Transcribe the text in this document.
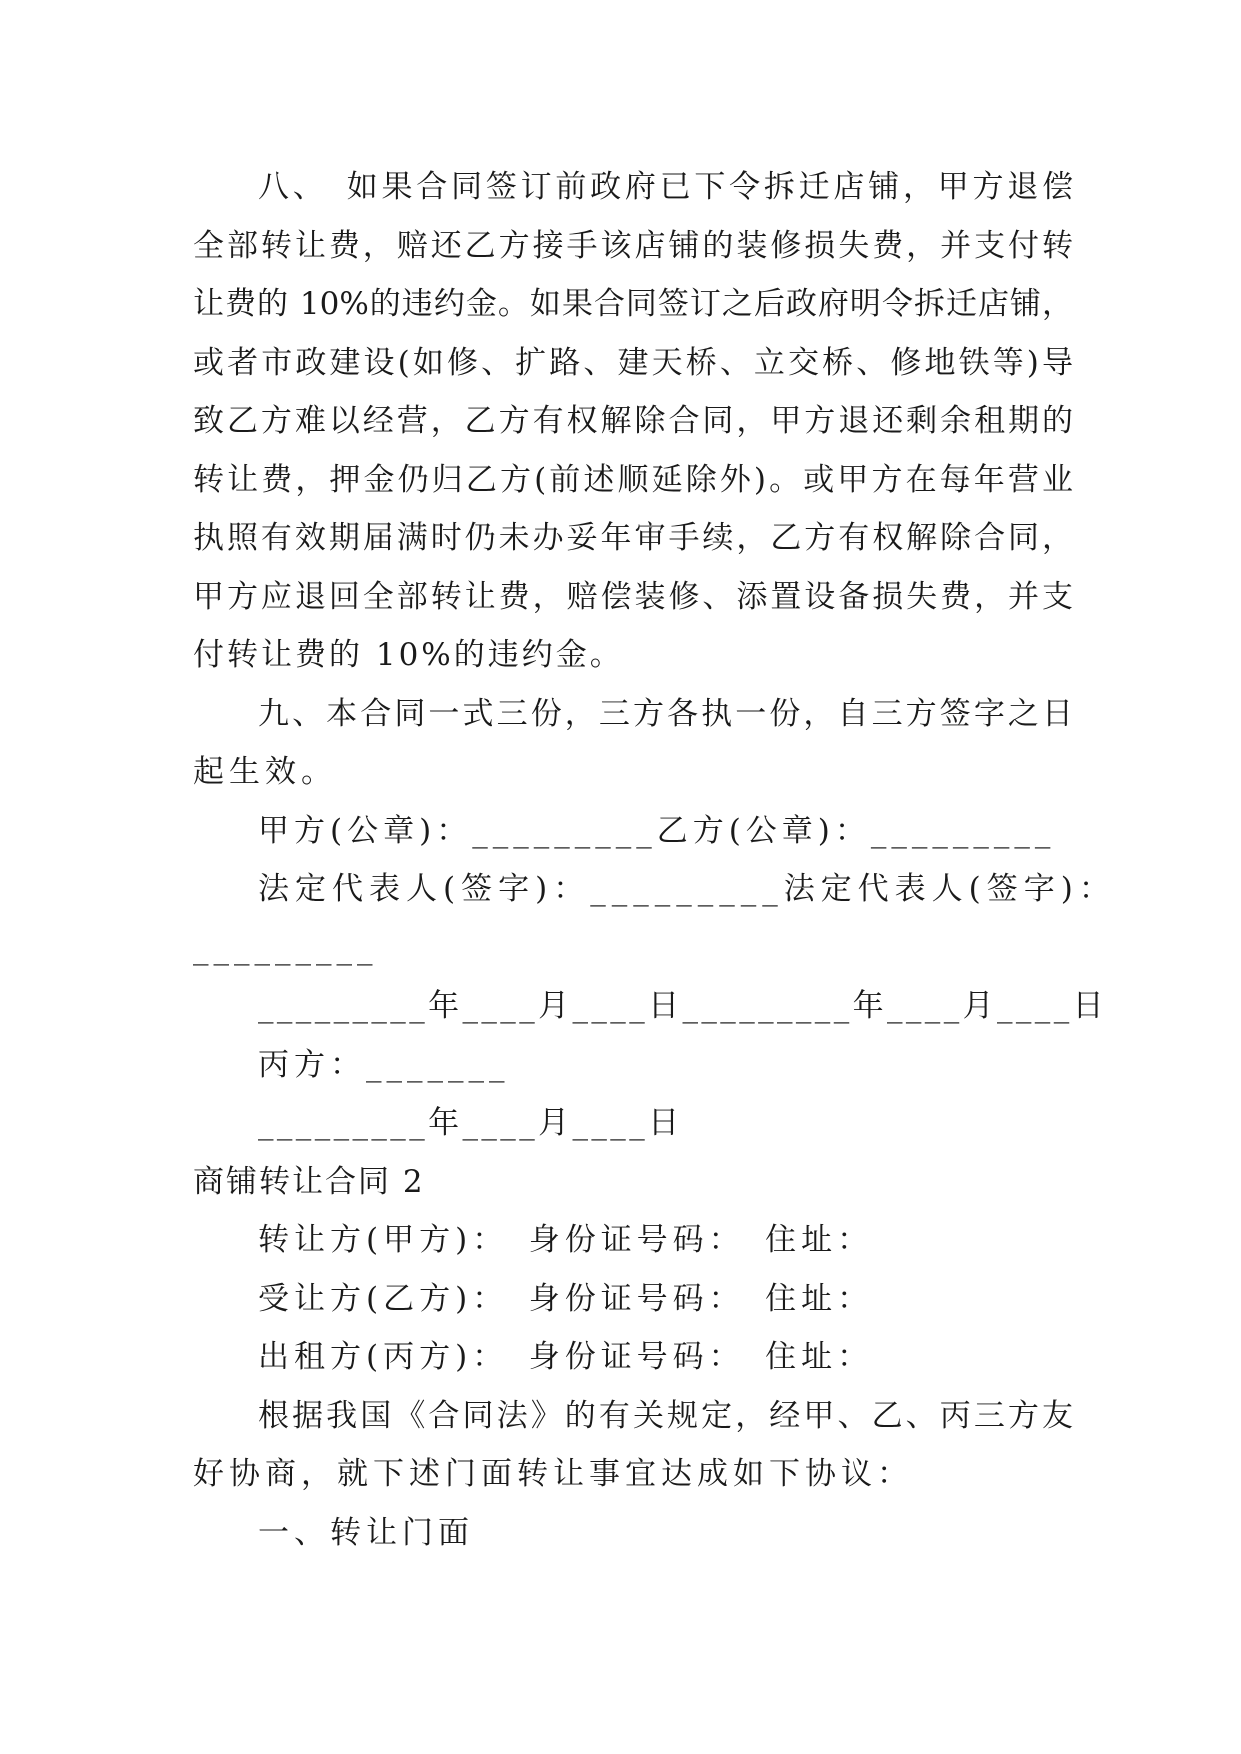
八、　如果合同签订前政府已下令拆迁店铺，甲方退偿
全部转让费，赔还乙方接手该店铺的装修损失费，并支付转
让费的 10%的违约金。如果合同签订之后政府明令拆迁店铺，
或者市政建设(如修、扩路、建天桥、立交桥、修地铁等)导
致乙方难以经营，乙方有权解除合同，甲方退还剩余租期的
转让费，押金仍归乙方(前述顺延除外)。或甲方在每年营业
执照有效期届满时仍未办妥年审手续，乙方有权解除合同，
甲方应退回全部转让费，赔偿装修、添置设备损失费，并支
付转让费的 10%的违约金。
九、本合同一式三份，三方各执一份，自三方签字之日
起生效。
甲方(公章)：_________乙方(公章)：_________
法定代表人(签字)：_________法定代表人(签字)：
_________
_________年____月____日_________年____月____日
丙方：_______
_________年____月____日
商铺转让合同 2
转让方(甲方)：　身份证号码：　住址：
受让方(乙方)：　身份证号码：　住址：
出租方(丙方)：　身份证号码：　住址：
根据我国《合同法》的有关规定，经甲、乙、丙三方友
好协商，就下述门面转让事宜达成如下协议：
一、转让门面
